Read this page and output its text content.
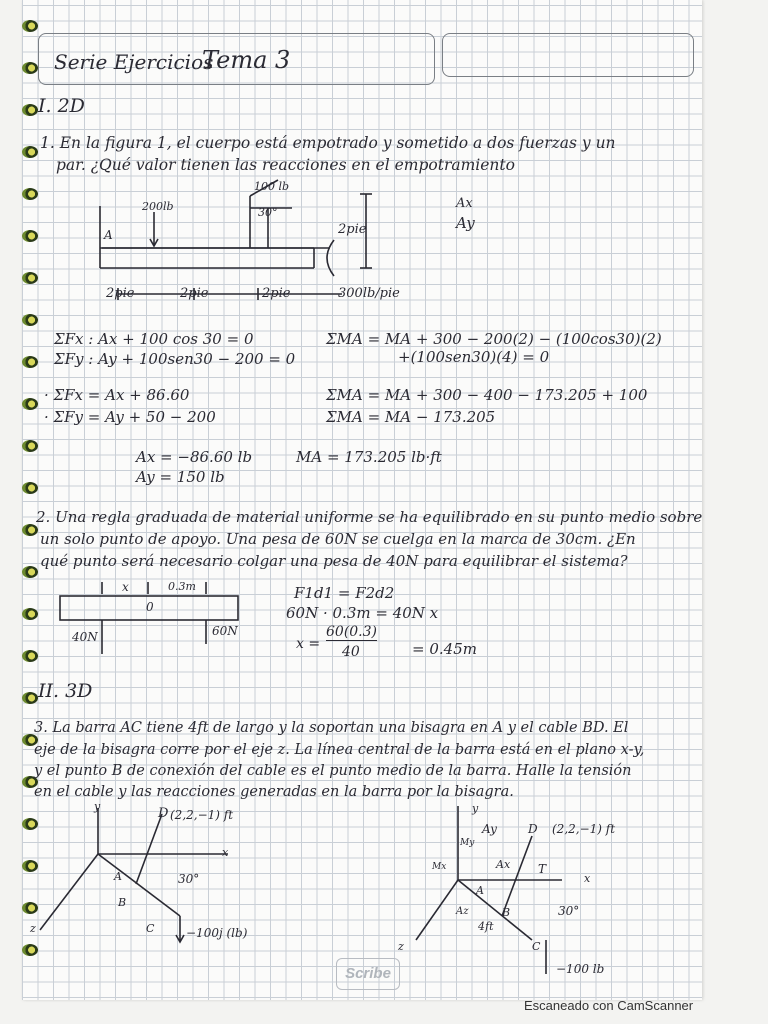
Serie Ejercicios
Tema 3
I. 2D
1. En la figura 1, el cuerpo está empotrado y sometido a dos fuerzas y un
par. ¿Qué valor tienen las reacciones en el empotramiento
100 lb
200lb	30°
A	2pie
2pie	2pie	2pie	300lb/pie
Ax
Ay
ΣFx : Ax + 100 cos 30 = 0
ΣFy : Ay + 100sen30 − 200 = 0
ΣMA = MA + 300 − 200(2) − (100cos30)(2)
+(100sen30)(4) = 0
· ΣFx = Ax + 86.60
· ΣFy = Ay + 50 − 200
ΣMA = MA + 300 − 400 − 173.205 + 100
ΣMA = MA − 173.205
Ax = −86.60 lb
Ay = 150 lb
MA = 173.205 lb·ft
2. Una regla graduada de material uniforme se ha equilibrado en su punto medio sobre
un solo punto de apoyo. Una pesa de 60N se cuelga en la marca de 30cm. ¿En
qué punto será necesario colgar una pesa de 40N para equilibrar el sistema?
x	0.3m
0
40N	60N
F1d1 = F2d2
60N · 0.3m = 40N x
60(0.3)
40
x =	= 0.45m
II. 3D
3. La barra AC tiene 4ft de largo y la soportan una bisagra en A y el cable BD. El
eje de la bisagra corre por el eje z. La línea central de la barra está en el plano x-y,
y el punto B de conexión del cable es el punto medio de la barra. Halle la tensión
en el cable y las reacciones generadas en la barra por la bisagra.
y
x
z
D (2,2,−1) ft
A
B
C
30°
−100j (lb)
y
x
z
Ay	D (2,2,−1) ft
My
Mx	Ax T
A
B
C
Az
4ft
30°
−100 lb
Scribe
Escaneado con CamScanner
